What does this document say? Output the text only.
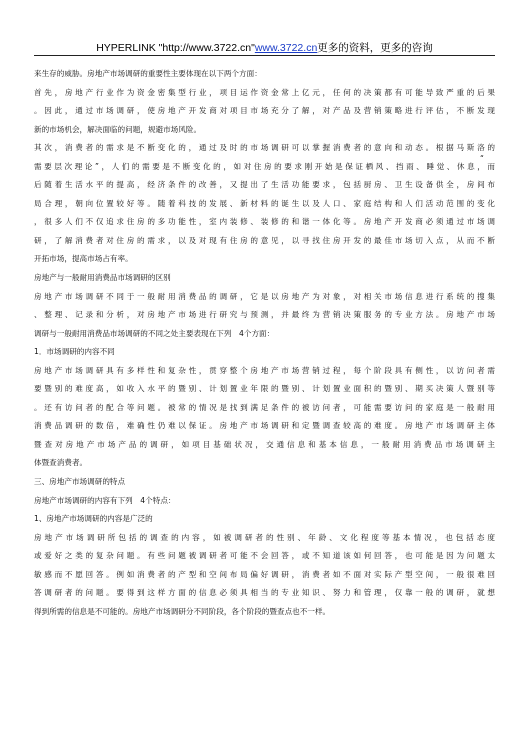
HYPERLINK "http://www.3722.cn"www.3722.cn更多的资料，更多的咨询
“
来生存的威胁。房地产市场调研的重要性主要体现在以下两个方面：
首先，房地产行业作为资金密集型行业，项目运作资金常上亿元，任何的决策都有可能导致严重的后果
。因此，通过市场调研，使房地产开发商对项目市场充分了解，对产品及营销策略进行评估，不断发现
新的市场机会，解决面临的问题，规避市场风险。
其次，消费者的需求是不断变化的，通过及时的市场调研可以掌握消费者的意向和动态。根据马斯洛的
需要层次理论”，人们的需要是不断变化的，如对住房的要求刚开始是保证栖风、挡雨、睡觉、休息，而
后随着生活水平的提高，经济条件的改善，又提出了生活功能要求，包括厨房、卫生设备供全，房间布
局合理，朝向位置较好等。随着科技的发展、新材料的诞生以及人口、家庭结构和人们活动范围的变化
，很多人们不仅追求住房的多功能性，室内装修、装修的和谐一体化等。房地产开发商必须通过市场调
研，了解消费者对住房的需求，以及对现有住房的意见，以寻找住房开发的最佳市场切入点，从而不断
开拓市场，提高市场占有率。
房地产与一般耐用消费品市场调研的区别
房地产市场调研不同于一般耐用消费品的调研，它是以房地产为对象，对相关市场信息进行系统的搜集
、整理、记录和分析，对房地产市场进行研究与预测，并最终为营销决策服务的专业方法。房地产市场
调研与一般耐用消费品市场调研的不同之处主要表现在下列　4个方面：
1．市场调研的内容不同
房地产市场调研具有多样性和复杂性，贯穿整个房地产市场营销过程，每个阶段具有侧性，以访问者需
要暨别的难度高，如收入水平的暨别、计划置业年限的暨别、计划置业面积的暨别、期买决策人暨别等
。还有访问者的配合等问题。被常的情况是找到满足条件的被访问者，可能需要访问的家庭是一般耐用
消费品调研的数倍，难确性仍难以保证。房地产市场调研和定暨调查较高的难度。房地产市场调研主体
暨查对房地产市场产品的调研，如项目基础状况，交通信息和基本信息，一般耐用消费品市场调研主
体暨查消费者。
三、房地产市场调研的特点
房地产市场调研的内容有下列　4个特点：
1、房地产市场调研的内容是广泛的
房地产市场调研所包括的调查的内容，如被调研者的性别、年龄、文化程度等基本情况，也包括态度
或爱好之类的复杂问题。有些问题被调研者可能不会回答，或不知道该如何回答，也可能是因为问题太
敏感而不愿回答。例如消费者的产型和空间布局偏好调研，消费者如不面对实际产型空间，一般很难回
答调研者的问题。要得到这样方面的信息必须具相当的专业知识、努力和管理，仅靠一般的调研，就想
得到所需的信息是不可能的。房地产市场调研分不同阶段，各个阶段的暨查点也不一样。
